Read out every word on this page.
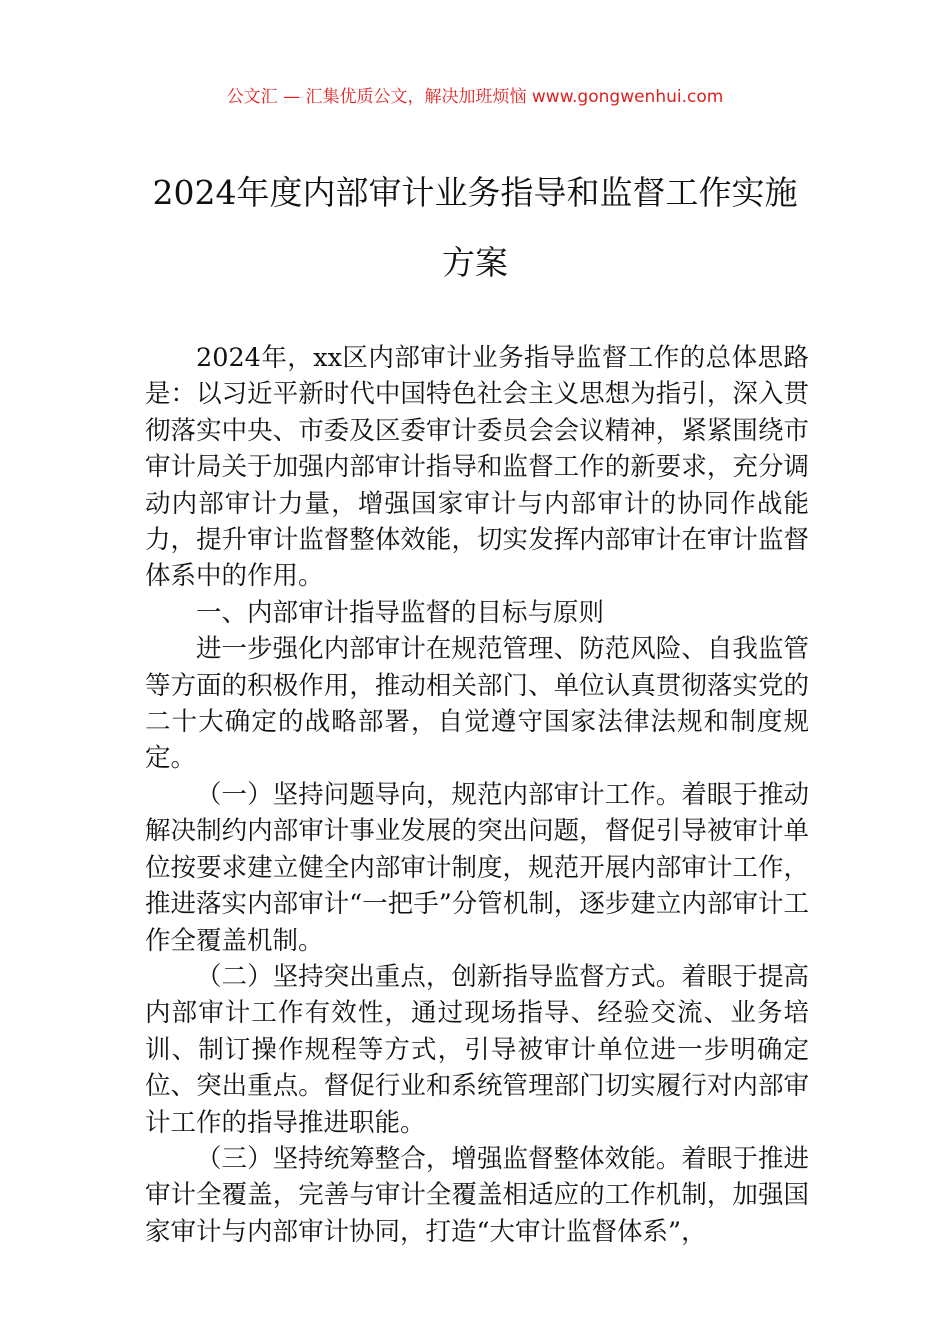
公文汇 — 汇集优质公文，解决加班烦恼 www.gongwenhui.com
2024年度内部审计业务指导和监督工作实施方案

2024年，xx区内部审计业务指导监督工作的总体思路是：以习近平新时代中国特色社会主义思想为指引，深入贯彻落实中央、市委及区委审计委员会会议精神，紧紧围绕市审计局关于加强内部审计指导和监督工作的新要求，充分调动内部审计力量，增强国家审计与内部审计的协同作战能力，提升审计监督整体效能，切实发挥内部审计在审计监督体系中的作用。

一、内部审计指导监督的目标与原则

进一步强化内部审计在规范管理、防范风险、自我监管等方面的积极作用，推动相关部门、单位认真贯彻落实党的二十大确定的战略部署，自觉遵守国家法律法规和制度规定。

（一）坚持问题导向，规范内部审计工作。着眼于推动解决制约内部审计事业发展的突出问题，督促引导被审计单位按要求建立健全内部审计制度，规范开展内部审计工作，推进落实内部审计“一把手”分管机制，逐步建立内部审计工作全覆盖机制。

（二）坚持突出重点，创新指导监督方式。着眼于提高内部审计工作有效性，通过现场指导、经验交流、业务培训、制订操作规程等方式，引导被审计单位进一步明确定位、突出重点。督促行业和系统管理部门切实履行对内部审计工作的指导推进职能。

（三）坚持统筹整合，增强监督整体效能。着眼于推进审计全覆盖，完善与审计全覆盖相适应的工作机制，加强国家审计与内部审计协同，打造“大审计监督体系”，
